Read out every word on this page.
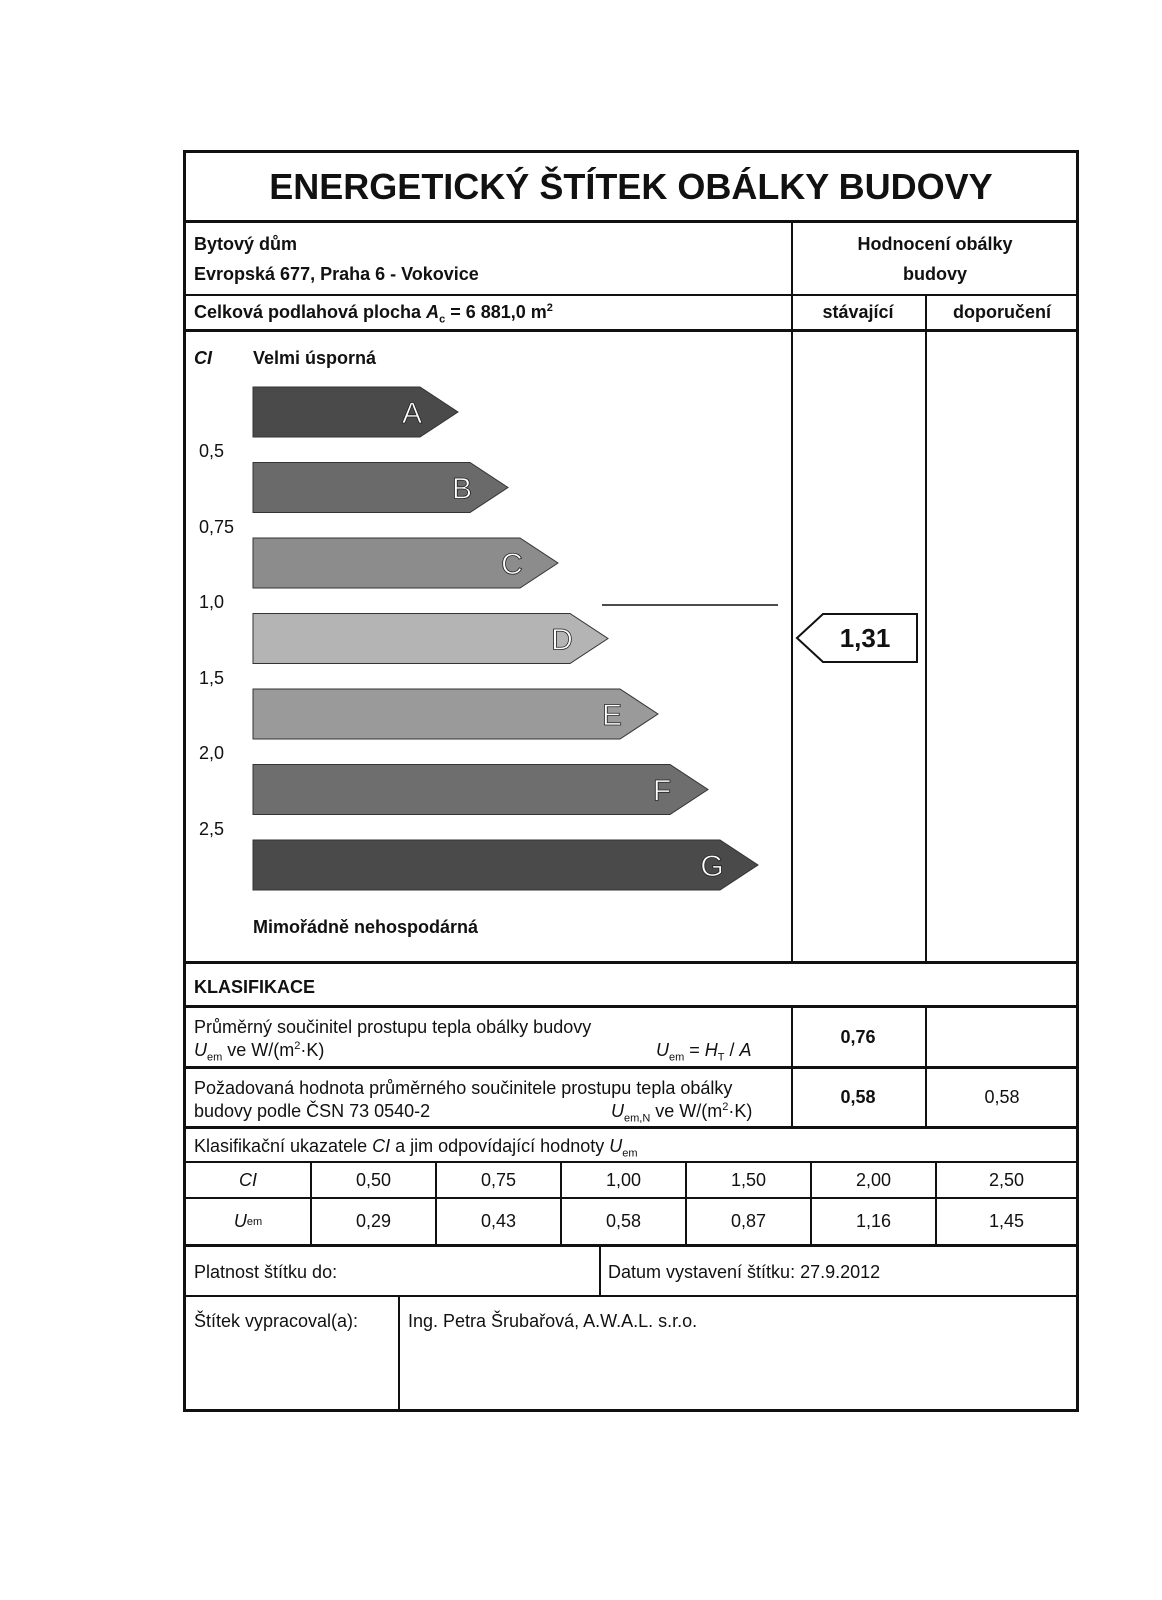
ENERGETICKÝ ŠTÍTEK OBÁLKY BUDOVY
Bytový dům
Evropská 677, Praha 6 - Vokovice
Hodnocení obálky
budovy
Celková podlahová plocha $A_c = 6$ 881,0 $m^2$	stávající	doporučení
CI Velmi úsporná
Mimořádně nehospodárná
0,5
0,75
1,0
1,5
2,0
2,5
A
B
C
D
E
F
G
1,31
KLASIFIKACE
Průměrný součinitel prostupu tepla obálky budovy
$U_{em}$ ve $W/(m^2\cdot K)$	$U_{em} = H_T / A$
0,76
Požadovaná hodnota průměrného součinitele prostupu tepla obálky
budovy podle ČSN 73 0540-2	$U_{em,N}$ ve $W/(m^2\cdot K)$
0,58	0,58
Klasifikační ukazatele CI a jim odpovídající hodnoty $U_{em}$
CI	0,50	0,75	1,00	1,50	2,00	2,50
U em	0,29	0,43	0,58	0,87	1,16	1,45
Platnost štítku do:	Datum vystavení štítku: 27.9.2012
Štítek vypracoval(a):	Ing. Petra Šrubařová, A.W.A.L. s.r.o.
